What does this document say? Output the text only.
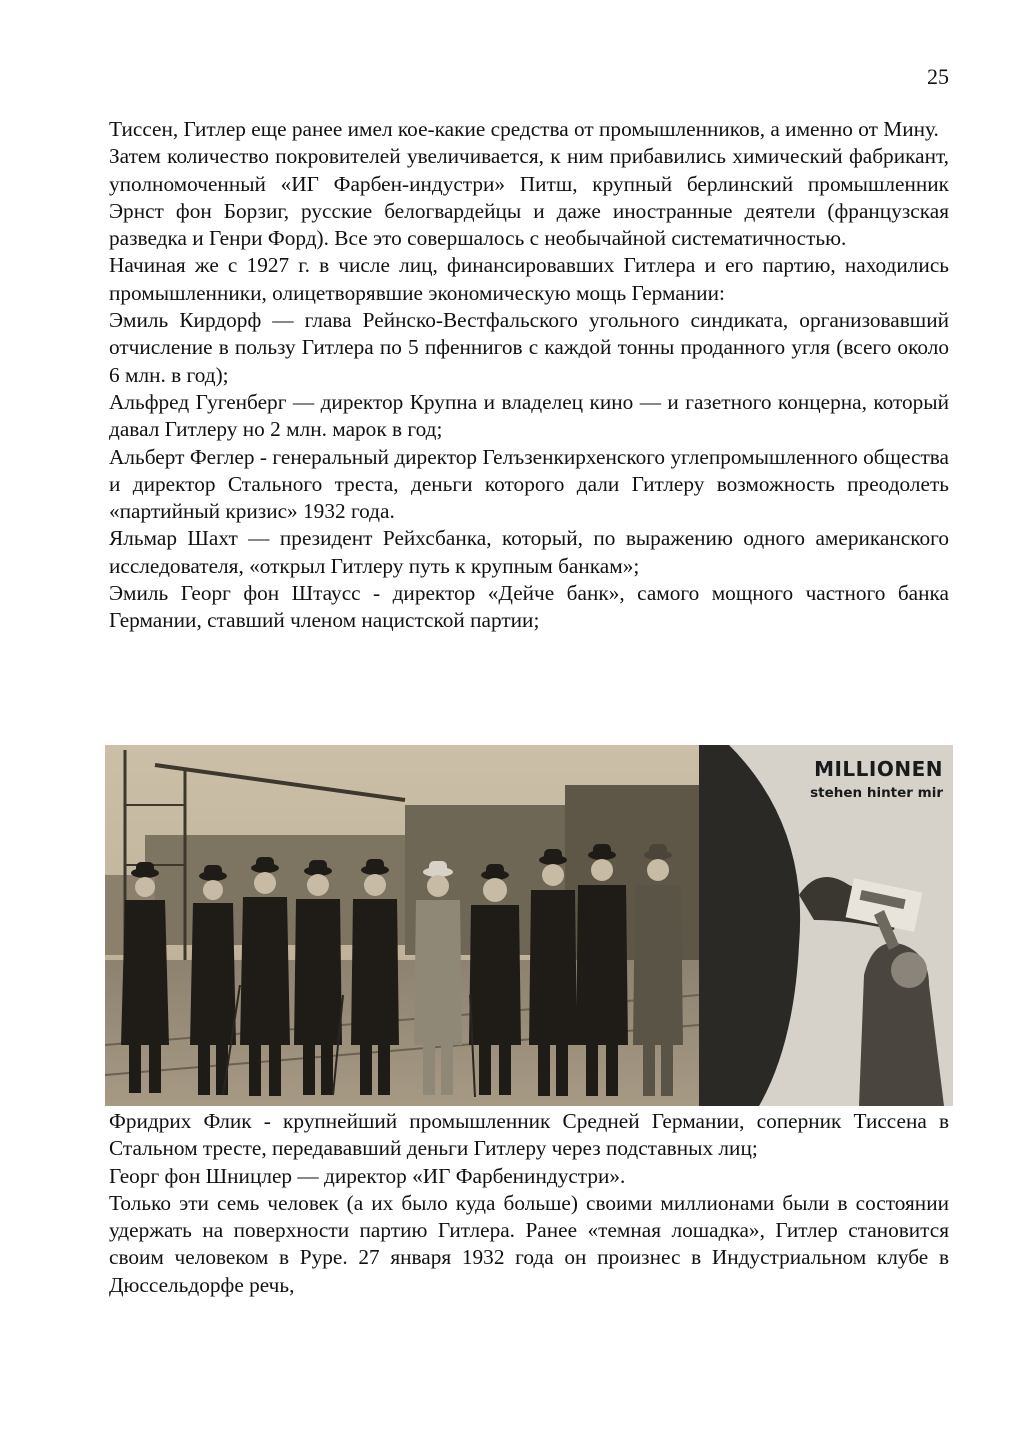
25

Тиссен, Гитлер еще ранее имел кое-какие средства от промышленников, а именно от Мину.

Затем количество покровителей увеличивается, к ним прибавились химический фабрикант, уполномоченный «ИГ Фарбен-индустри» Питш, крупный берлинский промышленник Эрнст фон Борзиг, русские белогвардейцы и даже иностранные деятели (французская разведка и Генри Форд). Все это совершалось с необычайной систематичностью.

Начиная же с 1927 г. в числе лиц, финансировавших Гитлера и его партию, находились промышленники, олицетворявшие экономическую мощь Германии:

Эмиль Кирдорф — глава Рейнско-Вестфальского угольного синдиката, организовавший отчисление в пользу Гитлера по 5 пфеннигов с каждой тонны проданного угля (всего около 6 млн. в год);

Альфред Гугенберг — директор Крупна и владелец кино — и газетного концерна, который давал Гитлеру но 2 млн. марок в год;

Альберт Феглер - генеральный директор Гелъзенкирхенского углепромышленного общества и директор Стального треста, деньги которого дали Гитлеру возможность преодолеть «партийный кризис» 1932 года.

Яльмар Шахт — президент Рейхсбанка, который, по выражению одного американского исследователя, «открыл Гитлеру путь к крупным банкам»;

Эмиль Георг фон Штаусс - директор «Дейче банк», самого мощного частного банка Германии, ставший членом нацистской партии;

MILLIONEN
stehen hinter mir

Фридрих Флик - крупнейший промышленник Средней Германии, соперник Тиссена в Стальном тресте, передававший деньги Гитлеру через подставных лиц;

Георг фон Шницлер — директор «ИГ Фарбениндустри».

Только эти семь человек (а их было куда больше) своими миллионами были в состоянии удержать на поверхности партию Гитлера. Ранее «темная лошадка», Гитлер становится своим человеком в Руре. 27 января 1932 года он произнес в Индустриальном клубе в Дюссельдорфе речь,
